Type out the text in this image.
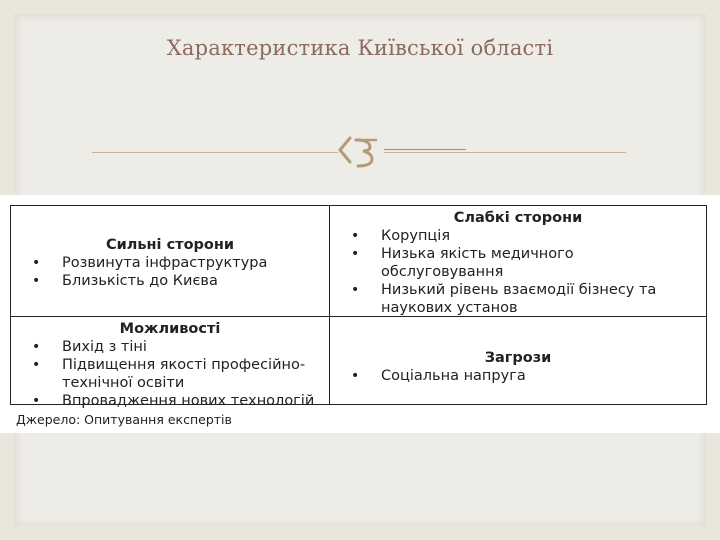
Характеристика Київської області
Сильні сторони
• Розвинута інфраструктура
• Близькість до Києва
Слабкі сторони
• Корупція
• Низька якість медичного
обслуговування
• Низький рівень взаємодії бізнесу та
наукових установ
Можливості
• Вихід з тіні
• Підвищення якості професійно-
технічної освіти
• Впровадження нових технологій
Загрози
• Соціальна напруга
Джерело: Опитування експертів
